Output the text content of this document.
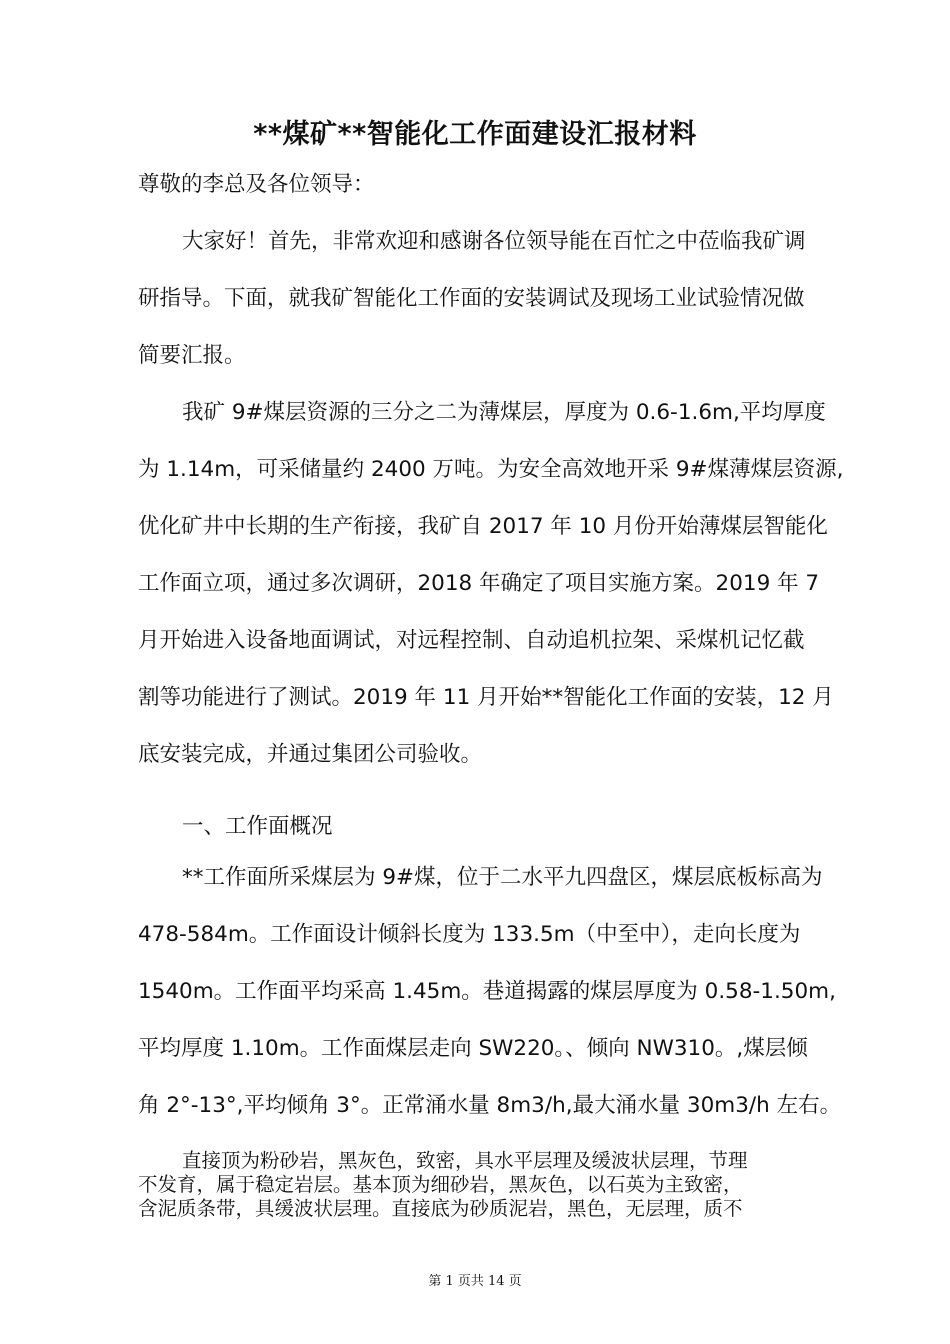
**煤矿**智能化工作面建设汇报材料
尊敬的李总及各位领导：
大家好！首先，非常欢迎和感谢各位领导能在百忙之中莅临我矿调
研指导。下面，就我矿智能化工作面的安装调试及现场工业试验情况做
简要汇报。
我矿 9#煤层资源的三分之二为薄煤层，厚度为 0.6-1.6m,平均厚度
为 1.14m，可采储量约 2400 万吨。为安全高效地开采 9#煤薄煤层资源,
优化矿井中长期的生产衔接，我矿自 2017 年 10 月份开始薄煤层智能化
工作面立项，通过多次调研，2018 年确定了项目实施方案。2019 年 7
月开始进入设备地面调试，对远程控制、自动追机拉架、采煤机记忆截
割等功能进行了测试。2019 年 11 月开始**智能化工作面的安装，12 月
底安装完成，并通过集团公司验收。
一、工作面概况
**工作面所采煤层为 9#煤，位于二水平九四盘区，煤层底板标高为
478-584m。工作面设计倾斜长度为 133.5m（中至中），走向长度为
1540m。工作面平均采高 1.45m。巷道揭露的煤层厚度为 0.58-1.50m,
平均厚度 1.10m。工作面煤层走向 SW220。、倾向 NW310。,煤层倾
角 2°-13°,平均倾角 3°。正常涌水量 8m3/h,最大涌水量 30m3/h 左右。
直接顶为粉砂岩，黑灰色，致密，具水平层理及缓波状层理，节理
不发育，属于稳定岩层。基本顶为细砂岩，黑灰色，以石英为主致密，
含泥质条带，具缓波状层理。直接底为砂质泥岩，黑色，无层理，质不
第 1 页共 14 页
